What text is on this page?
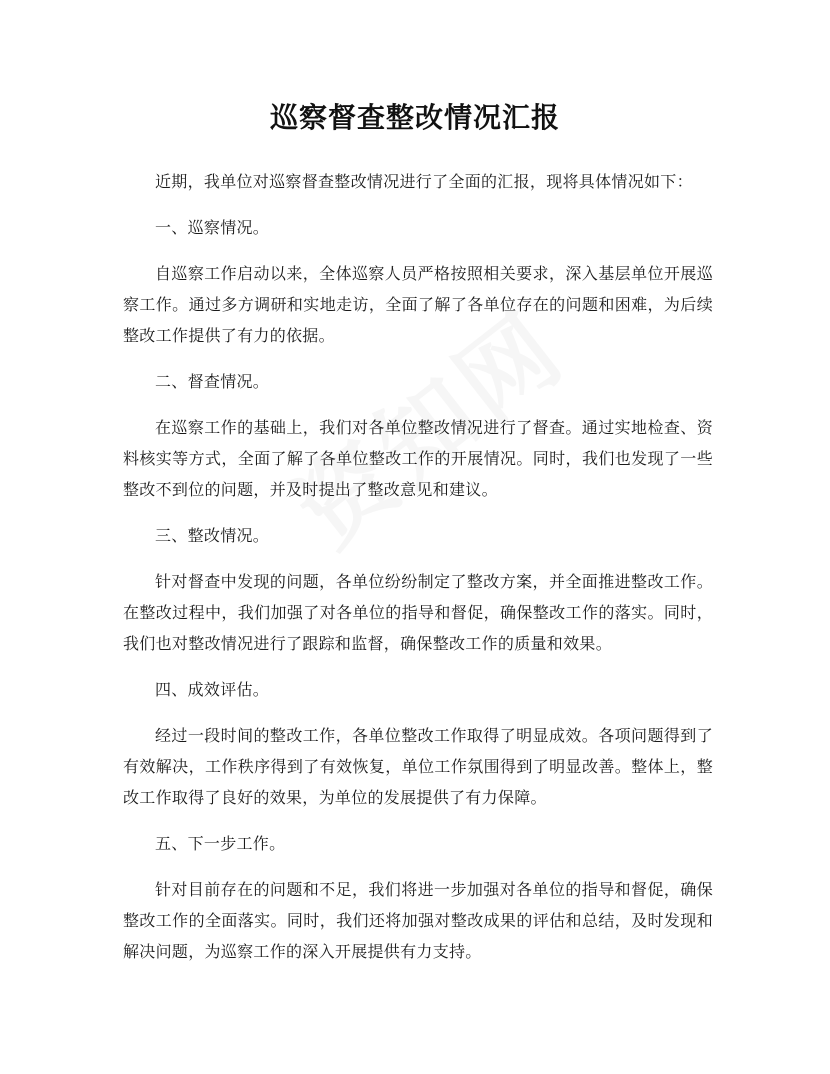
巡察督查整改情况汇报

近期，我单位对巡察督查整改情况进行了全面的汇报，现将具体情况如下：

一、巡察情况。

自巡察工作启动以来，全体巡察人员严格按照相关要求，深入基层单位开展巡察工作。通过多方调研和实地走访，全面了解了各单位存在的问题和困难，为后续整改工作提供了有力的依据。

二、督查情况。

在巡察工作的基础上，我们对各单位整改情况进行了督查。通过实地检查、资料核实等方式，全面了解了各单位整改工作的开展情况。同时，我们也发现了一些整改不到位的问题，并及时提出了整改意见和建议。

三、整改情况。

针对督查中发现的问题，各单位纷纷制定了整改方案，并全面推进整改工作。在整改过程中，我们加强了对各单位的指导和督促，确保整改工作的落实。同时，我们也对整改情况进行了跟踪和监督，确保整改工作的质量和效果。

四、成效评估。

经过一段时间的整改工作，各单位整改工作取得了明显成效。各项问题得到了有效解决，工作秩序得到了有效恢复，单位工作氛围得到了明显改善。整体上，整改工作取得了良好的效果，为单位的发展提供了有力保障。

五、下一步工作。

针对目前存在的问题和不足，我们将进一步加强对各单位的指导和督促，确保整改工作的全面落实。同时，我们还将加强对整改成果的评估和总结，及时发现和解决问题，为巡察工作的深入开展提供有力支持。
